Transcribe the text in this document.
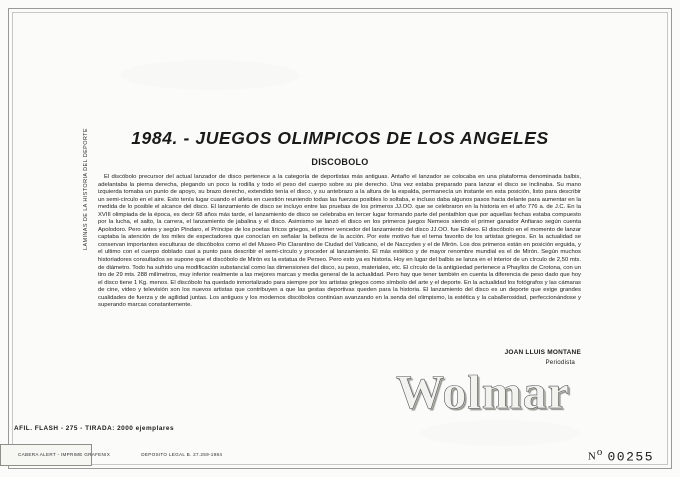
LAMINAS DE LA HISTORIA DEL DEPORTE	1984. - JUEGOS OLIMPICOS DE LOS ANGELES
DISCOBOLO

El discóbolo precursor del actual lanzador de disco pertenece a la categoría de deportistas más antiguas. Antaño el lanzador se colocaba en una plataforma denominada balbis, adelantaba la pierna derecha, plegando un poco la rodilla y todo el peso del cuerpo sobre su pie derecho. Una vez estaba preparado para lanzar el disco se inclinaba. Su mano izquierda tomaba un punto de apoyo, su brazo derecho, extendido tenía el disco, y su antebrazo a la altura de la espalda, permanecía un instante en esta posición, listo para describir un semi-círculo en el aire. Esto tenía lugar cuando el atleta en cuestión reuniendo todas las fuerzas posibles lo soltaba, e incluso daba algunos pasos hacia delante para aumentar en la medida de lo posible el alcance del disco. El lanzamiento de disco se incluyo entre las pruebas de los primeros JJ.OO. que se celebraron en la historia en el año 776 a. de J.C. En la XVIII olimpiada de la época, es decir 68 años más tarde, el lanzamiento de disco se celebraba en tercer lugar formando parte del pentathlon que por aquellas fechas estaba compuesto por la lucha, el salto, la carrera, el lanzamiento de jabalina y el disco. Asimismo se lanzó el disco en los primeros juegos Nemeos siendo el primer ganador Anfiarao según cuenta Apolodoro. Pero antes y según Pindaro, el Príncipe de los poetas líricos griegos, el primer vencedor del lanzamiento del disco JJ.OO. fue Enikeo. El discóbolo en el momento de lanzar captaba la atención de los miles de espectadores que conocían en señalar la belleza de la acción. Por este motivo fue el tema favorito de los artistas griegos. En la actualidad se conservan importantes esculturas de discóbolos como el del Museo Pio Clarantino de Ciudad del Vaticano, el de Naccydes y el de Mirón. Los dos primeros están en posición erguida, y el ultimo con el cuerpo doblado casi a punto para describir el semi-círculo y proceder al lanzamiento. El más estético y de mayor renombre mundial es el de Mirón. Según muchos historiadores consultados se supone que el discóbolo de Mirón es la estatua de Perseo. Pero esto ya es historia. Hoy en lugar del balbis se lanza en el interior de un círculo de 2,50 mts. de diámetro. Todo ha sufrido una modificación substancial como las dimensiones del disco, su peso, materiales, etc. El círculo de la antigüedad pertenece a Phayllos de Crotona, con un tiro de 29 mts. 288 milímetros, muy inferior realmente a las mejores marcas y media general de la actualidad. Pero hay que tener también en cuenta la diferencia de peso dado que hoy el disco tiene 1 Kg. menos. El discóbolo ha quedado inmortalizado para siempre por los artistas griegos como símbolo del arte y el deporte. En la actualidad los fotógrafos y las cámaras de cine, video y televisión son los nuevos artistas que contribuyen a que las gestas deportivas queden para la historia. El lanzamiento del disco es un deporte que exige grandes cualidades de fuerza y de agilidad juntas. Los antiguos y los modernos discóbolos continúan avanzando en la senda del olimpismo, la estética y la caballerosidad, perfeccionándose y superando marcas constantemente.

JOAN LLUIS MONTANE
Periodista
Wolmar
AFIL. FLASH - 275 - TIRADA: 2000 ejemplares
CABERA ALERT - IMPRIME GRAFENIX	DEPOSITO LEGAL B. 27.259-1984	$N^o$ 00255
